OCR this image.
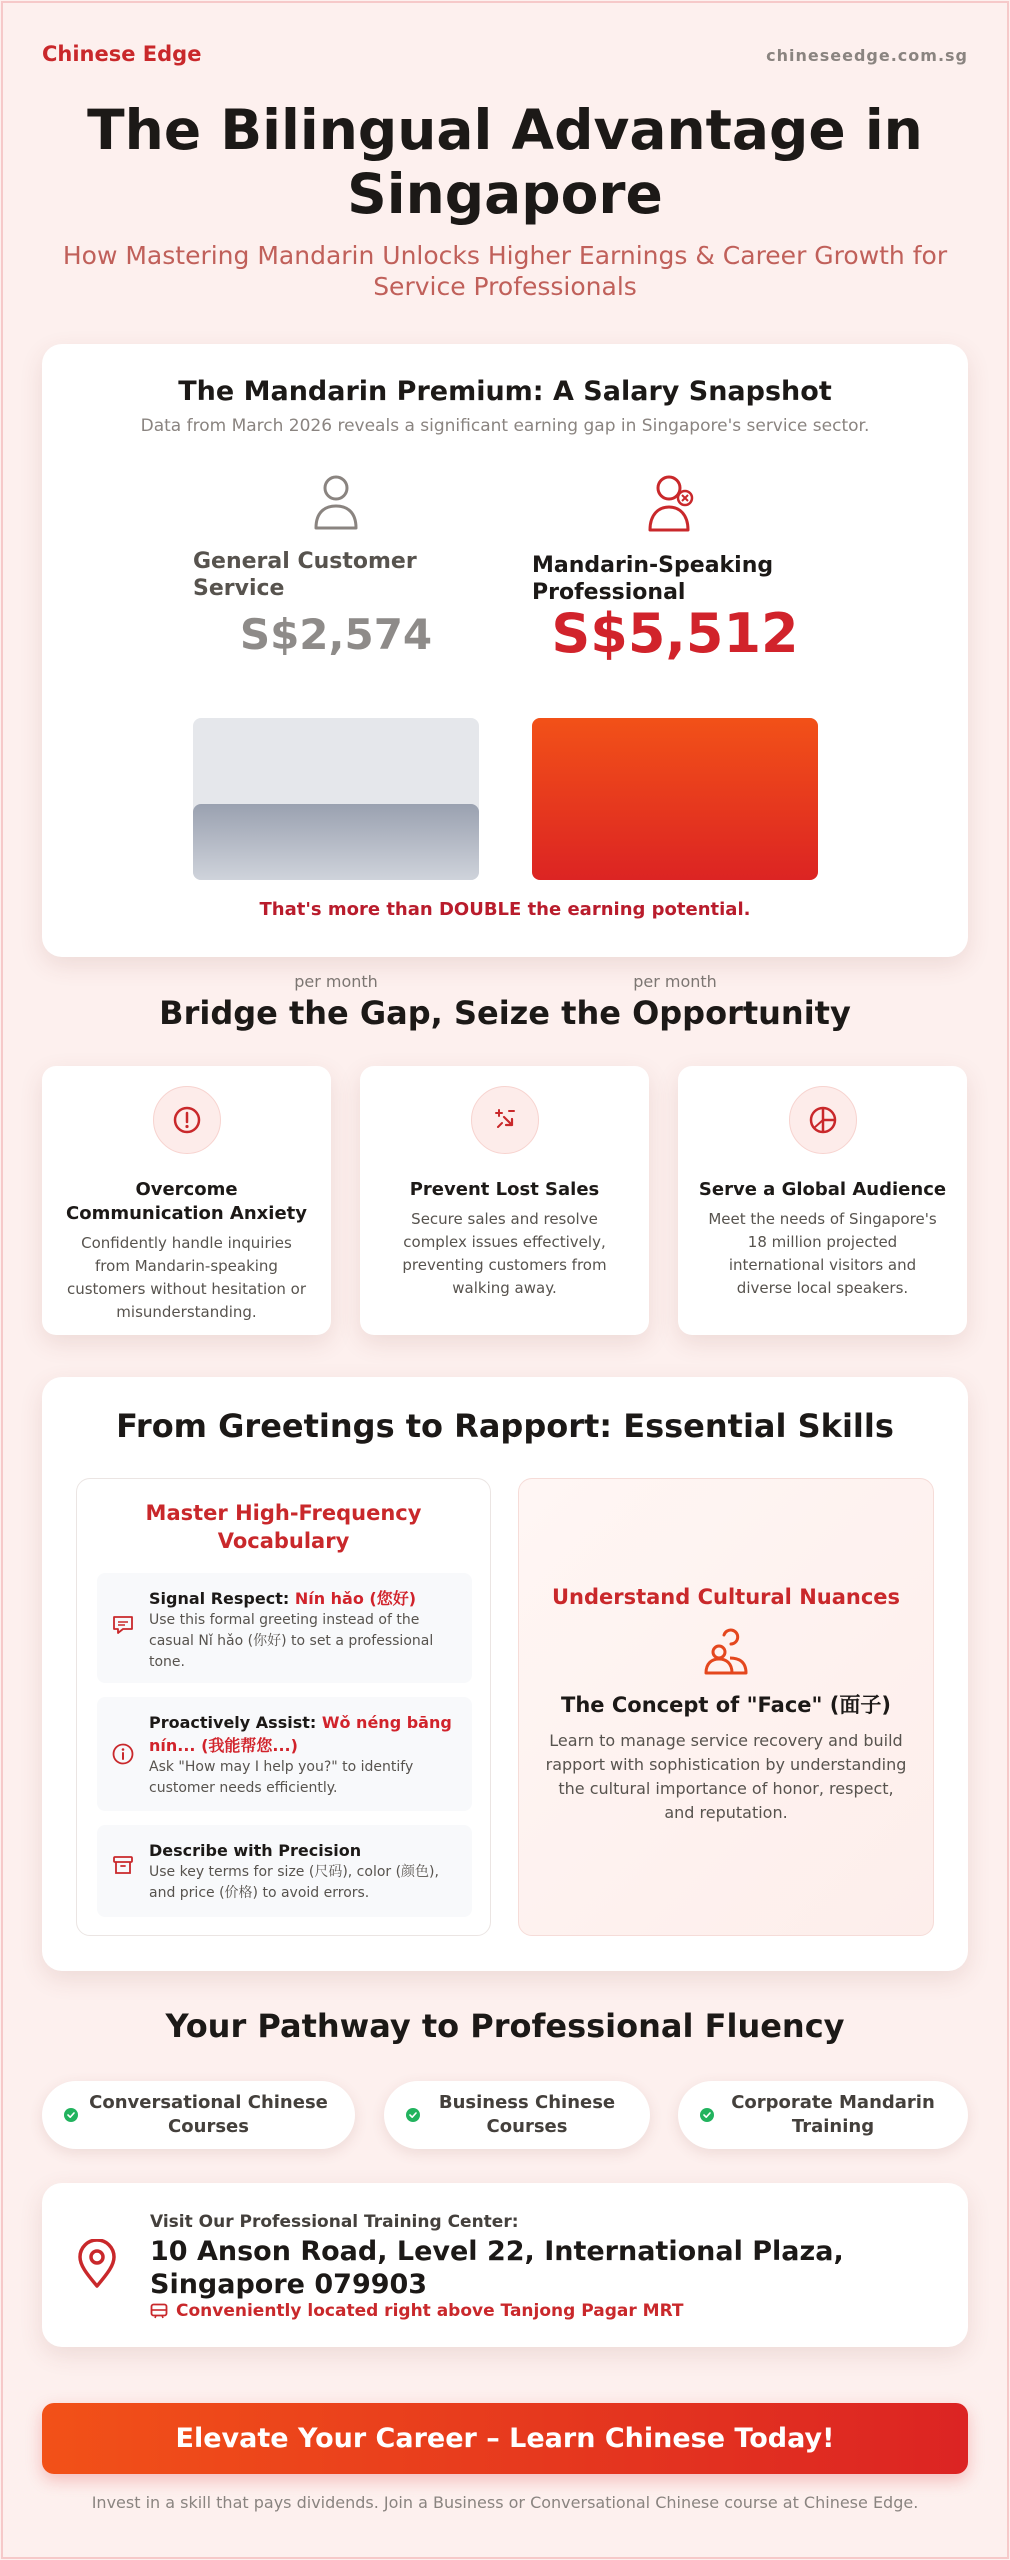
Chinese Edge	chineseedge.com.sg
The Bilingual Advantage in Singapore

How Mastering Mandarin Unlocks Higher Earnings & Career Growth for Service Professionals

The Mandarin Premium: A Salary Snapshot

Data from March 2026 reveals a significant earning gap in Singapore's service sector.

General Customer Service
S$2,574
per month
Mandarin-Speaking Professional
S$5,512
per month

That's more than DOUBLE the earning potential.

Bridge the Gap, Seize the Opportunity
Overcome Communication Anxiety
Confidently handle inquiries from Mandarin-speaking customers without hesitation or misunderstanding.
Prevent Lost Sales
Secure sales and resolve complex issues effectively, preventing customers from walking away.
Serve a Global Audience
Meet the needs of Singapore's 18 million projected international visitors and diverse local speakers.
From Greetings to Rapport: Essential Skills
Master High-Frequency Vocabulary
Signal Respect: Nín hǎo (您好)
Use this formal greeting instead of the casual Nǐ hǎo (你好) to set a professional tone.
Proactively Assist: Wǒ néng bāng nín... (我能帮您...)
Ask "How may I help you?" to identify customer needs efficiently.
Describe with Precision
Use key terms for size (尺码), color (颜色), and price (价格) to avoid errors.
Understand Cultural Nuances
The Concept of "Face" (面子)
Learn to manage service recovery and build rapport with sophistication by understanding the cultural importance of honor, respect, and reputation.
Your Pathway to Professional Fluency
Conversational Chinese Courses
Business Chinese Courses
Corporate Mandarin Training
Visit Our Professional Training Center:
10 Anson Road, Level 22, International Plaza, Singapore 079903
Conveniently located right above Tanjong Pagar MRT
Elevate Your Career – Learn Chinese Today!

Invest in a skill that pays dividends. Join a Business or Conversational Chinese course at Chinese Edge.
